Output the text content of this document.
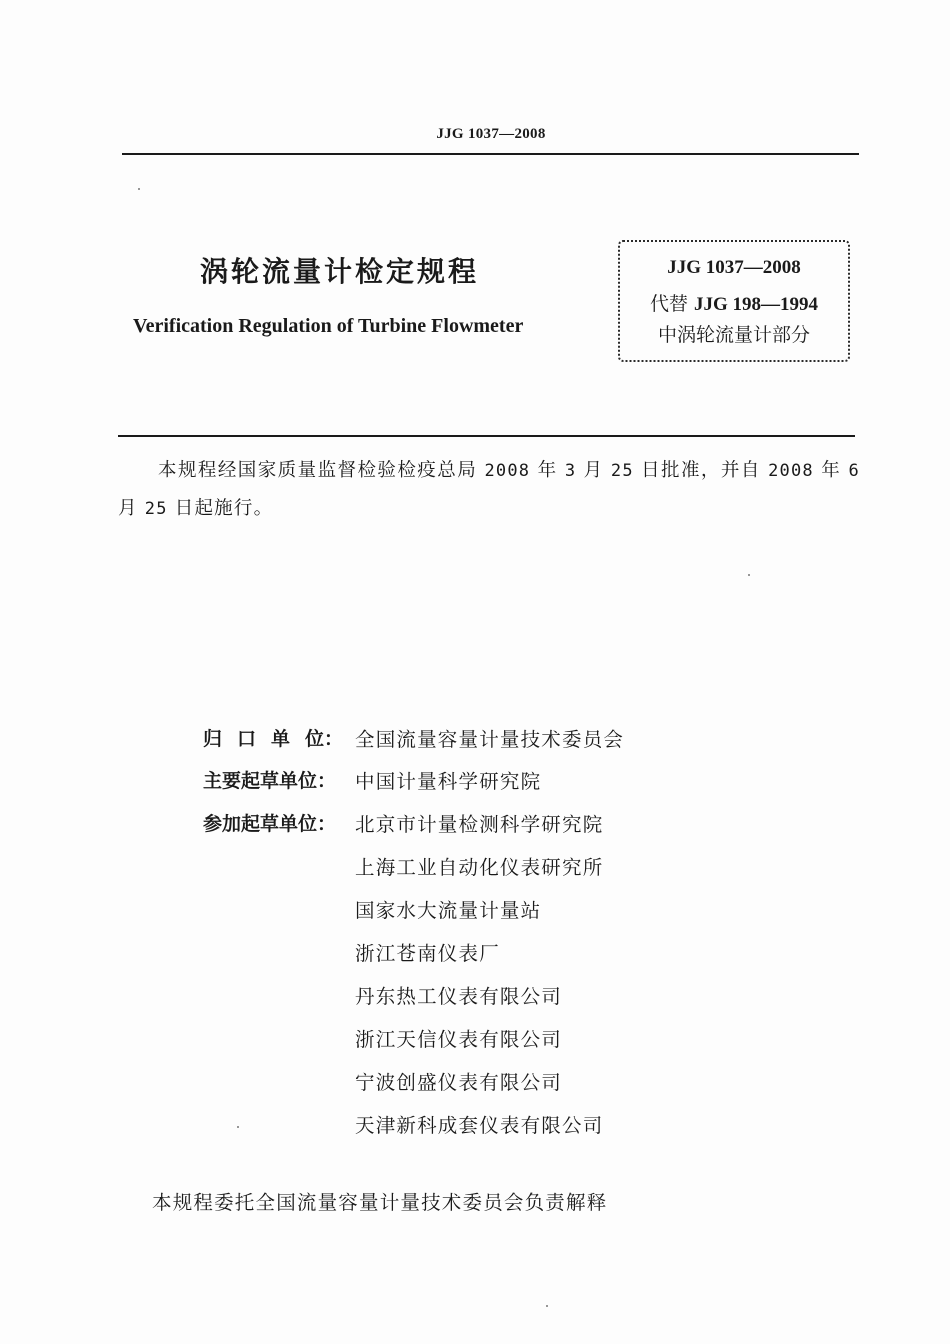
JJG 1037—2008
涡轮流量计检定规程
Verification Regulation of Turbine Flowmeter
JJG 1037—2008
代替 JJG 198—1994
中涡轮流量计部分
本规程经国家质量监督检验检疫总局 2008 年 3 月 25 日批准，并自 2008 年 6 月 25 日起施行。
归 口 单 位： 全国流量容量计量技术委员会
主要起草单位： 中国计量科学研究院
参加起草单位： 北京市计量检测科学研究院
上海工业自动化仪表研究所
国家水大流量计量站
浙江苍南仪表厂
丹东热工仪表有限公司
浙江天信仪表有限公司
宁波创盛仪表有限公司
天津新科成套仪表有限公司
本规程委托全国流量容量计量技术委员会负责解释
